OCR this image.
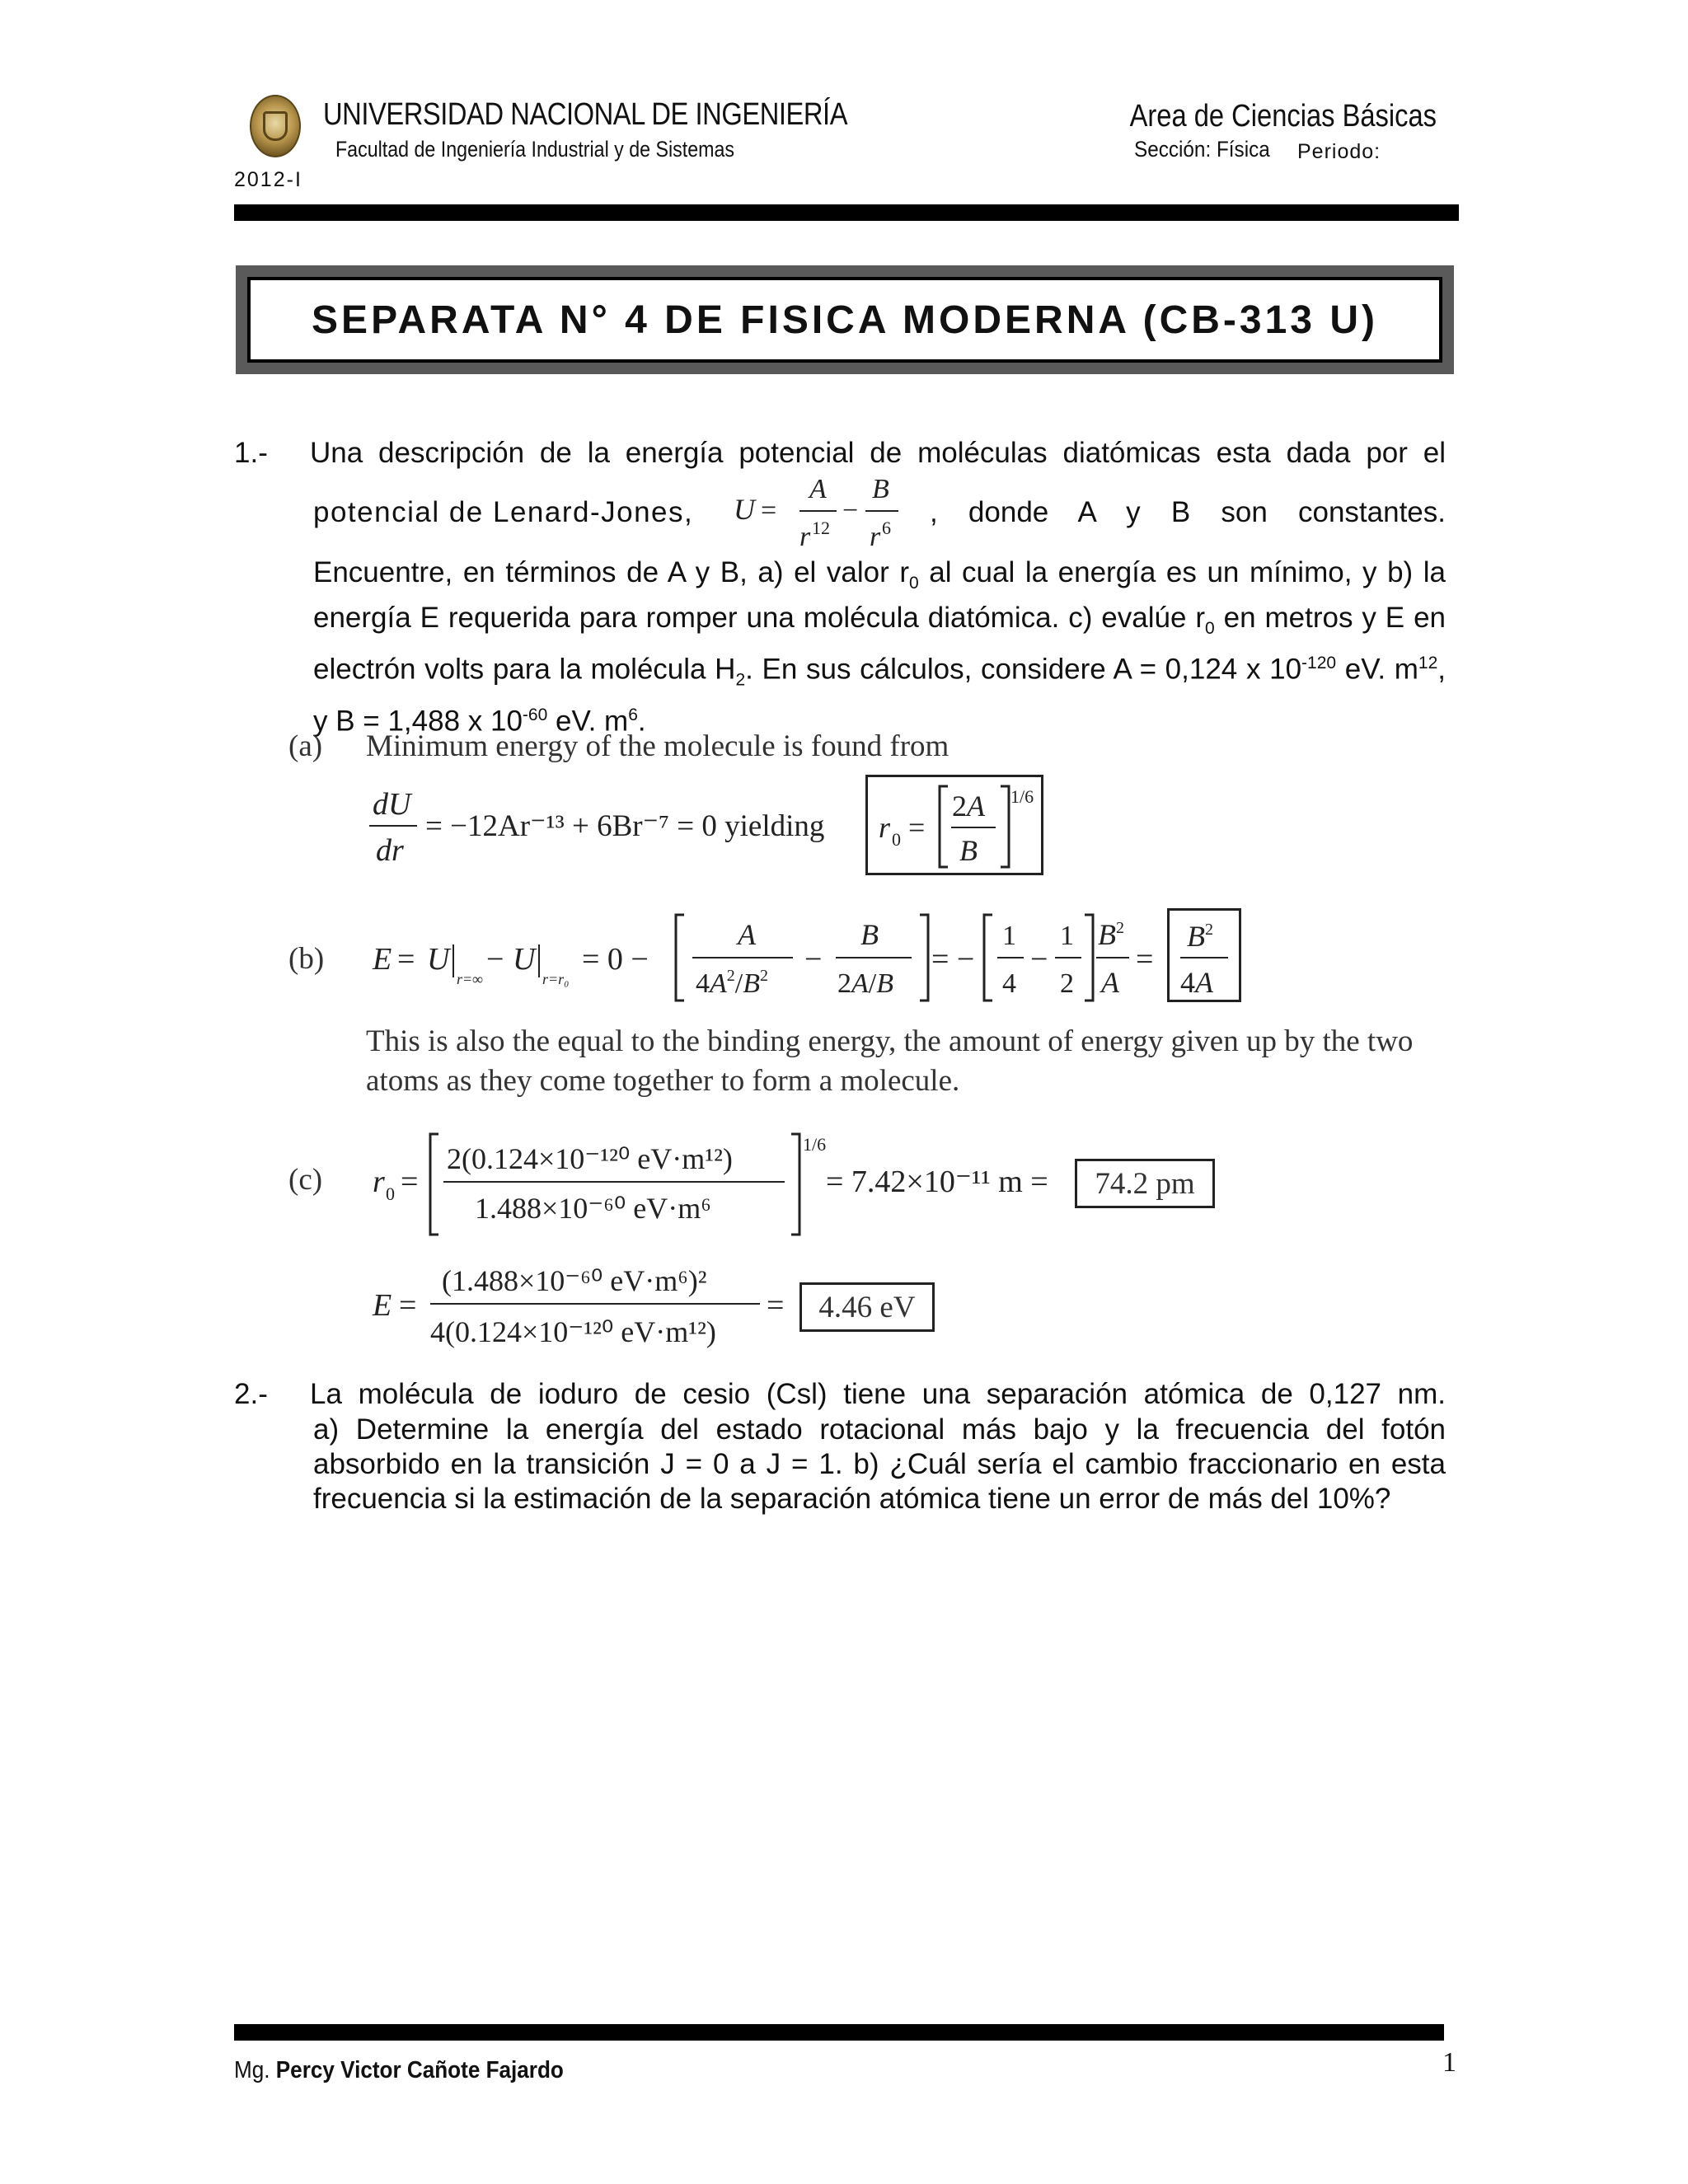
UNIVERSIDAD NACIONAL DE INGENIERÍA
Facultad de Ingeniería Industrial y de Sistemas
Area de Ciencias Básicas
Sección: Física Periodo:
2012-I
SEPARATA N° 4 DE FISICA MODERNA (CB-313 U)
1.- Una descripción de la energía potencial de moléculas diatómicas esta dada por el
potencial de Lenard-Jones, U =
A
r 12
−
B
r 6 , donde A y B son constantes.
Encuentre, en términos de A y B, a) el valor $r_0$ al cual la energía es un mínimo, y b) la energía E requerida para romper una molécula diatómica. c) evalúe $r_0$ en metros y E en electrón volts para la molécula $H_2$. En sus cálculos, considere A = 0,124 x $10^{-120}$ eV. $m^{12}$, y B = 1,488 x $10^{-60}$ eV. $m^6$.
(a) Minimum energy of the molecule is found from
dU
dr
= −12Ar⁻¹³ + 6Br⁻⁷ = 0 yielding r 0 =
2A
B
1/6
(b) E = U
r=∞
− U
r=r₀
= 0 −
A
$4A^2/B^2$ −
B
2A/B
= −
1
4
−
1
2
$B^2$
A
=
$B^2$
4A
This is also the equal to the binding energy, the amount of energy given up by the two
atoms as they come together to form a molecule.
(c) r 0 =
2(0.124×10⁻¹²⁰ eV·m¹²)
1.488×10⁻⁶⁰ eV·m⁶
1/6
= 7.42×10⁻¹¹ m = 74.2 pm
E =
(1.488×10⁻⁶⁰ eV·m⁶)²
4(0.124×10⁻¹²⁰ eV·m¹²)
= 4.46 eV
2.- La molécula de ioduro de cesio (Csl) tiene una separación atómica de 0,127 nm.
a) Determine la energía del estado rotacional más bajo y la frecuencia del fotón absorbido en la transición J = 0 a J = 1. b) ¿Cuál sería el cambio fraccionario en esta frecuencia si la estimación de la separación atómica tiene un error de más del 10%?
Mg. Percy Victor Cañote Fajardo	1
